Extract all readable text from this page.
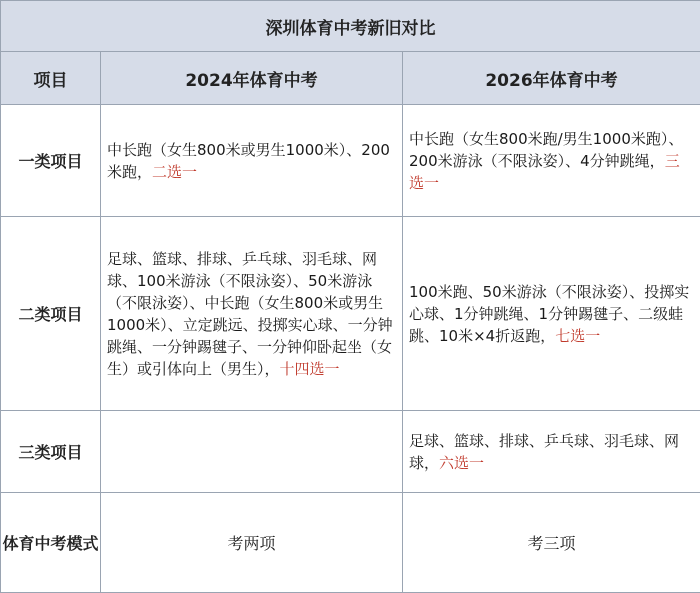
深圳体育中考新旧对比		
项目	2024年体育中考	2026年体育中考
一类项目	中长跑（女生800米或男生1000米）、200米跑，二选一	中长跑（女生800米跑/男生1000米跑）、200米游泳（不限泳姿）、4分钟跳绳，三选一
二类项目	足球、篮球、排球、乒乓球、羽毛球、网球、100米游泳（不限泳姿）、50米游泳（不限泳姿）、中长跑（女生800米或男生1000米）、立定跳远、投掷实心球、一分钟跳绳、一分钟踢毽子、一分钟仰卧起坐（女生）或引体向上（男生），十四选一	100米跑、50米游泳（不限泳姿）、投掷实心球、1分钟跳绳、1分钟踢毽子、二级蛙跳、10米×4折返跑，七选一
三类项目		足球、篮球、排球、乒乓球、羽毛球、网球，六选一
体育中考模式	考两项	考三项
